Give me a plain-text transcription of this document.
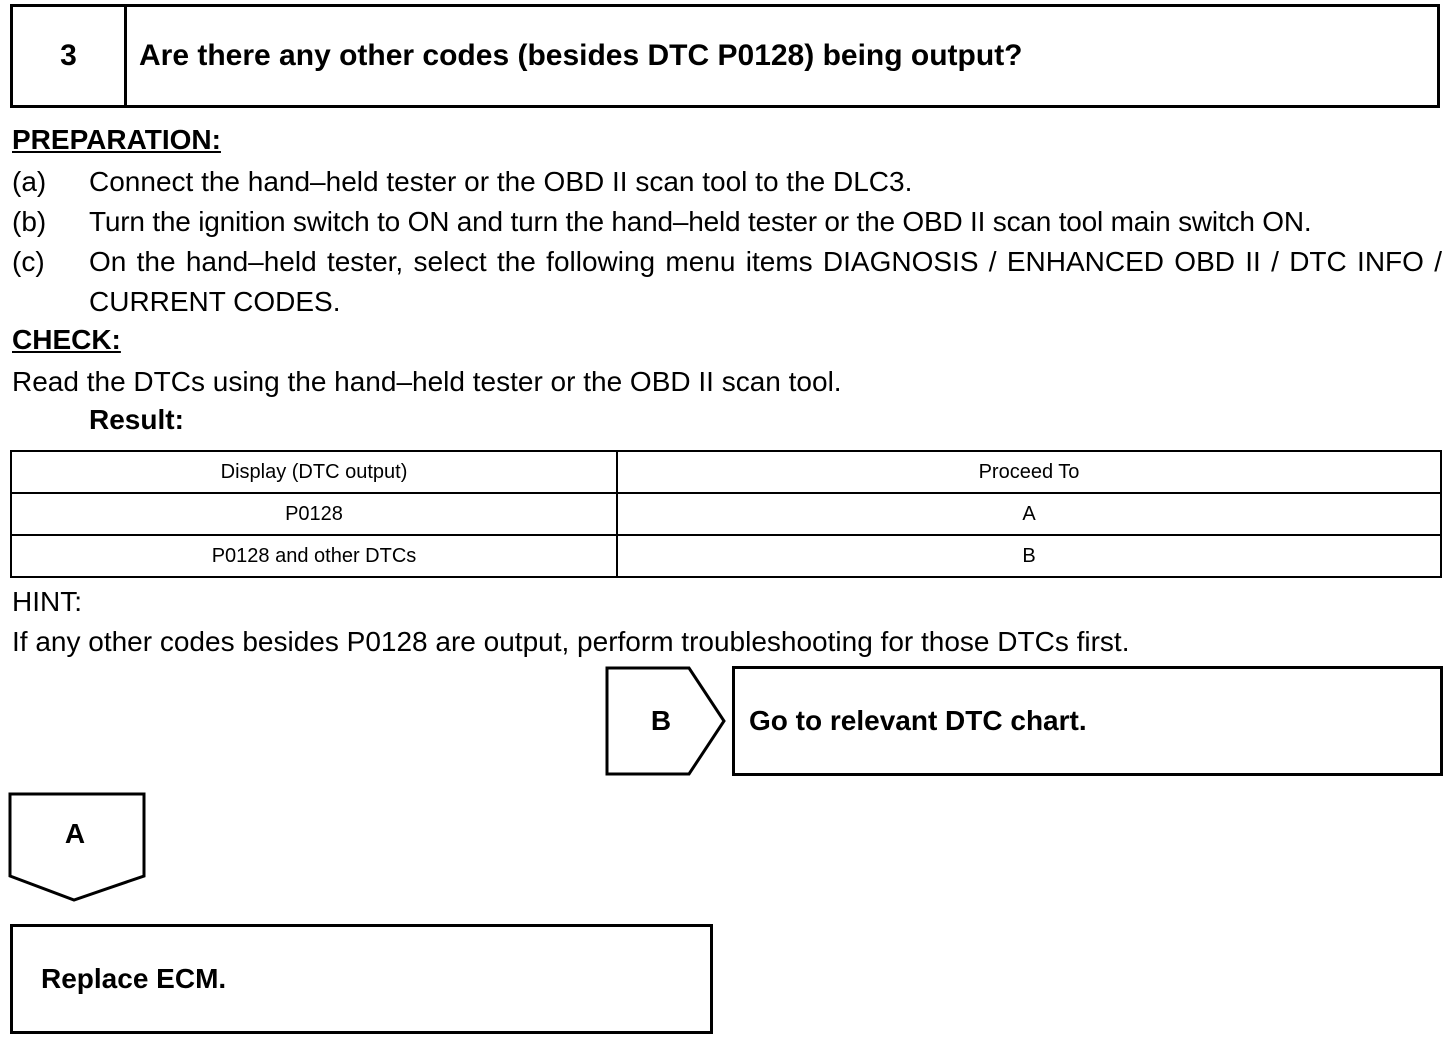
3	Are there any other codes (besides DTC P0128) being output?
PREPARATION:
(a)	Connect the hand–held tester or the OBD II scan tool to the DLC3.
(b)	Turn the ignition switch to ON and turn the hand–held tester or the OBD II scan tool main switch ON.
(c)	On the hand–held tester, select the following menu items DIAGNOSIS / ENHANCED OBD II / DTC INFO / CURRENT CODES.
CHECK:
Read the DTCs using the hand–held tester or the OBD II scan tool.
Result:
Display (DTC output)	Proceed To
P0128	A
P0128 and other DTCs	B
HINT:
If any other codes besides P0128 are output, perform troubleshooting for those DTCs first.
B	Go to relevant DTC chart.
A
Replace ECM.
